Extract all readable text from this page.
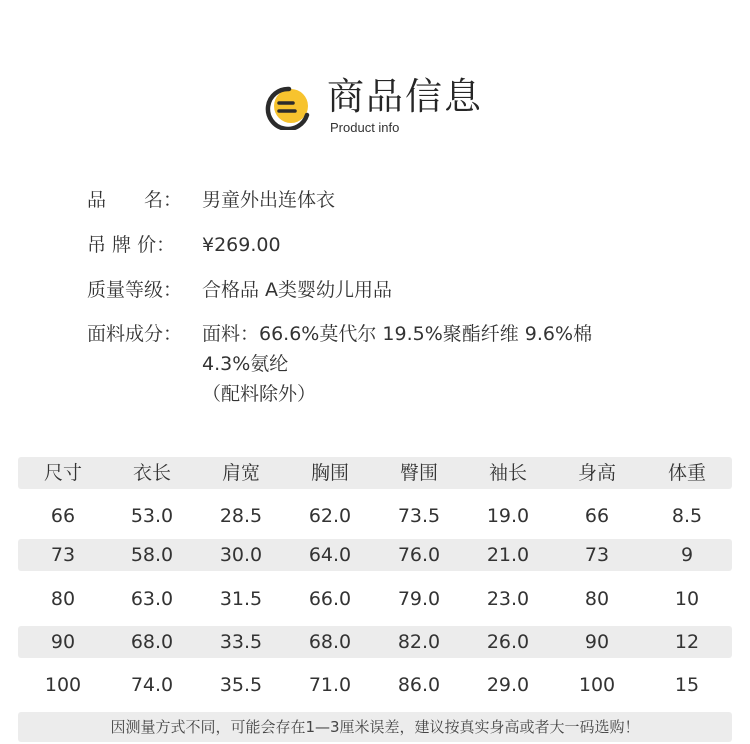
商品信息
Product info
品　　名： 男童外出连体衣
吊 牌 价： ¥269.00
质量等级： 合格品 A类婴幼儿用品
面料成分： 面料：66.6%莫代尔 19.5%聚酯纤维 9.6%棉
4.3%氨纶
（配料除外）
尺寸	衣长	肩宽	胸围	臀围	袖长	身高	体重
66	53.0	28.5	62.0	73.5	19.0	66	8.5
73	58.0	30.0	64.0	76.0	21.0	73	9
80	63.0	31.5	66.0	79.0	23.0	80	10
90	68.0	33.5	68.0	82.0	26.0	90	12
100	74.0	35.5	71.0	86.0	29.0	100	15
因测量方式不同，可能会存在1—3厘米误差，建议按真实身高或者大一码选购！
